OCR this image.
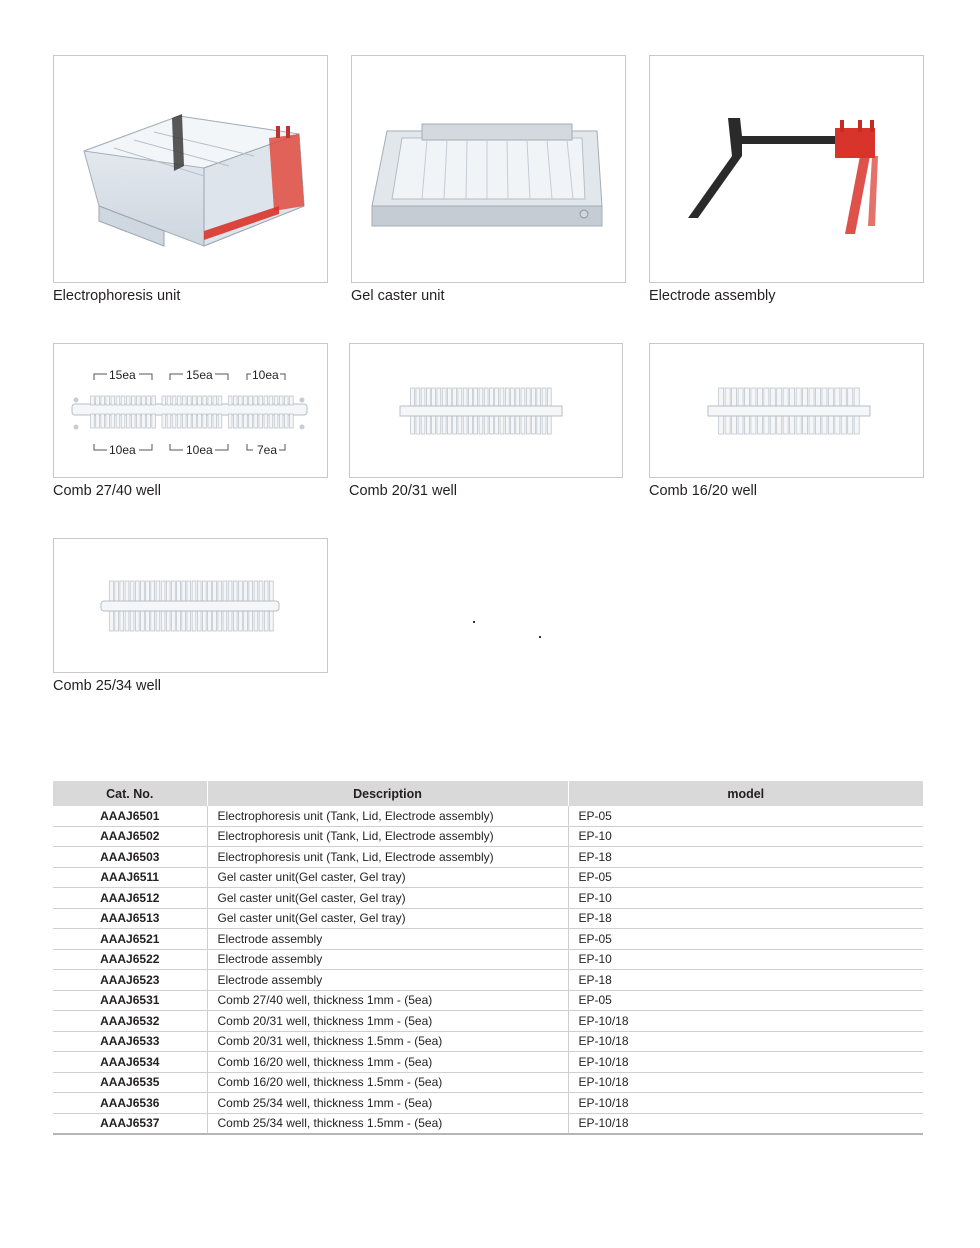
Electrophoresis unit	Gel caster unit	Electrode assembly
15ea	15ea	10ea
10ea	10ea	7ea
Comb 27/40 well	Comb 20/31 well	Comb 16/20 well
Comb 25/34 well
Cat. No.	Description	model
AAAJ6501	Electrophoresis unit (Tank, Lid, Electrode assembly)	EP-05
AAAJ6502	Electrophoresis unit (Tank, Lid, Electrode assembly)	EP-10
AAAJ6503	Electrophoresis unit (Tank, Lid, Electrode assembly)	EP-18
AAAJ6511	Gel caster unit(Gel caster, Gel tray)	EP-05
AAAJ6512	Gel caster unit(Gel caster, Gel tray)	EP-10
AAAJ6513	Gel caster unit(Gel caster, Gel tray)	EP-18
AAAJ6521	Electrode assembly	EP-05
AAAJ6522	Electrode assembly	EP-10
AAAJ6523	Electrode assembly	EP-18
AAAJ6531	Comb 27/40 well, thickness 1mm - (5ea)	EP-05
AAAJ6532	Comb 20/31 well, thickness 1mm - (5ea)	EP-10/18
AAAJ6533	Comb 20/31 well, thickness 1.5mm - (5ea)	EP-10/18
AAAJ6534	Comb 16/20 well, thickness 1mm - (5ea)	EP-10/18
AAAJ6535	Comb 16/20 well, thickness 1.5mm - (5ea)	EP-10/18
AAAJ6536	Comb 25/34 well, thickness 1mm - (5ea)	EP-10/18
AAAJ6537	Comb 25/34 well, thickness 1.5mm - (5ea)	EP-10/18
